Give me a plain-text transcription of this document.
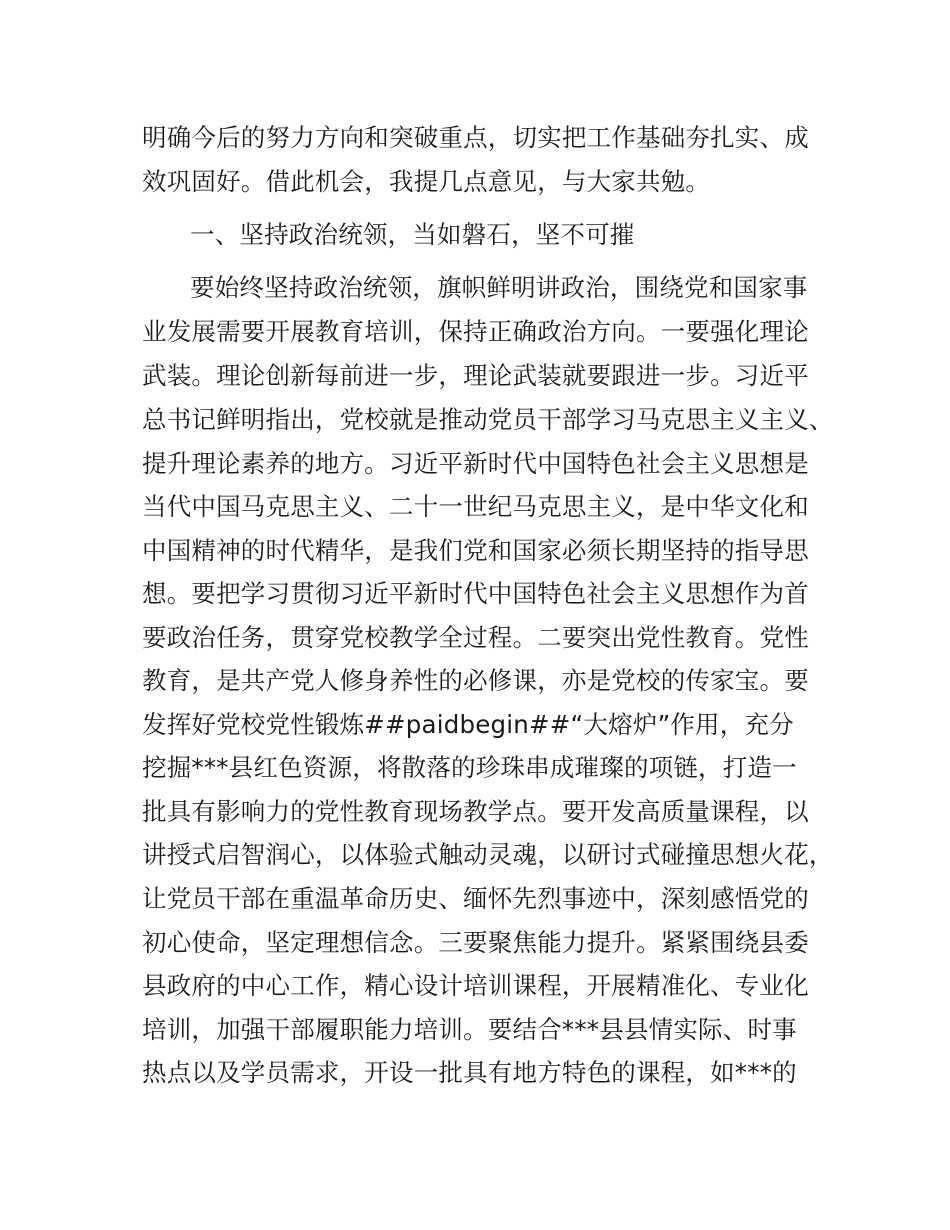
明确今后的努力方向和突破重点，切实把工作基础夯扎实、成
效巩固好。借此机会，我提几点意见，与大家共勉。
一、坚持政治统领，当如磐石，坚不可摧
要始终坚持政治统领，旗帜鲜明讲政治，围绕党和国家事
业发展需要开展教育培训，保持正确政治方向。一要强化理论
武装。理论创新每前进一步，理论武装就要跟进一步。习近平
总书记鲜明指出，党校就是推动党员干部学习马克思主义主义、
提升理论素养的地方。习近平新时代中国特色社会主义思想是
当代中国马克思主义、二十一世纪马克思主义，是中华文化和
中国精神的时代精华，是我们党和国家必须长期坚持的指导思
想。要把学习贯彻习近平新时代中国特色社会主义思想作为首
要政治任务，贯穿党校教学全过程。二要突出党性教育。党性
教育，是共产党人修身养性的必修课，亦是党校的传家宝。要
发挥好党校党性锻炼##paidbegin##“大熔炉”作用，充分
挖掘***县红色资源，将散落的珍珠串成璀璨的项链，打造一
批具有影响力的党性教育现场教学点。要开发高质量课程，以
讲授式启智润心，以体验式触动灵魂，以研讨式碰撞思想火花，
让党员干部在重温革命历史、缅怀先烈事迹中，深刻感悟党的
初心使命，坚定理想信念。三要聚焦能力提升。紧紧围绕县委
县政府的中心工作，精心设计培训课程，开展精准化、专业化
培训，加强干部履职能力培训。要结合***县县情实际、时事
热点以及学员需求，开设一批具有地方特色的课程，如***的
